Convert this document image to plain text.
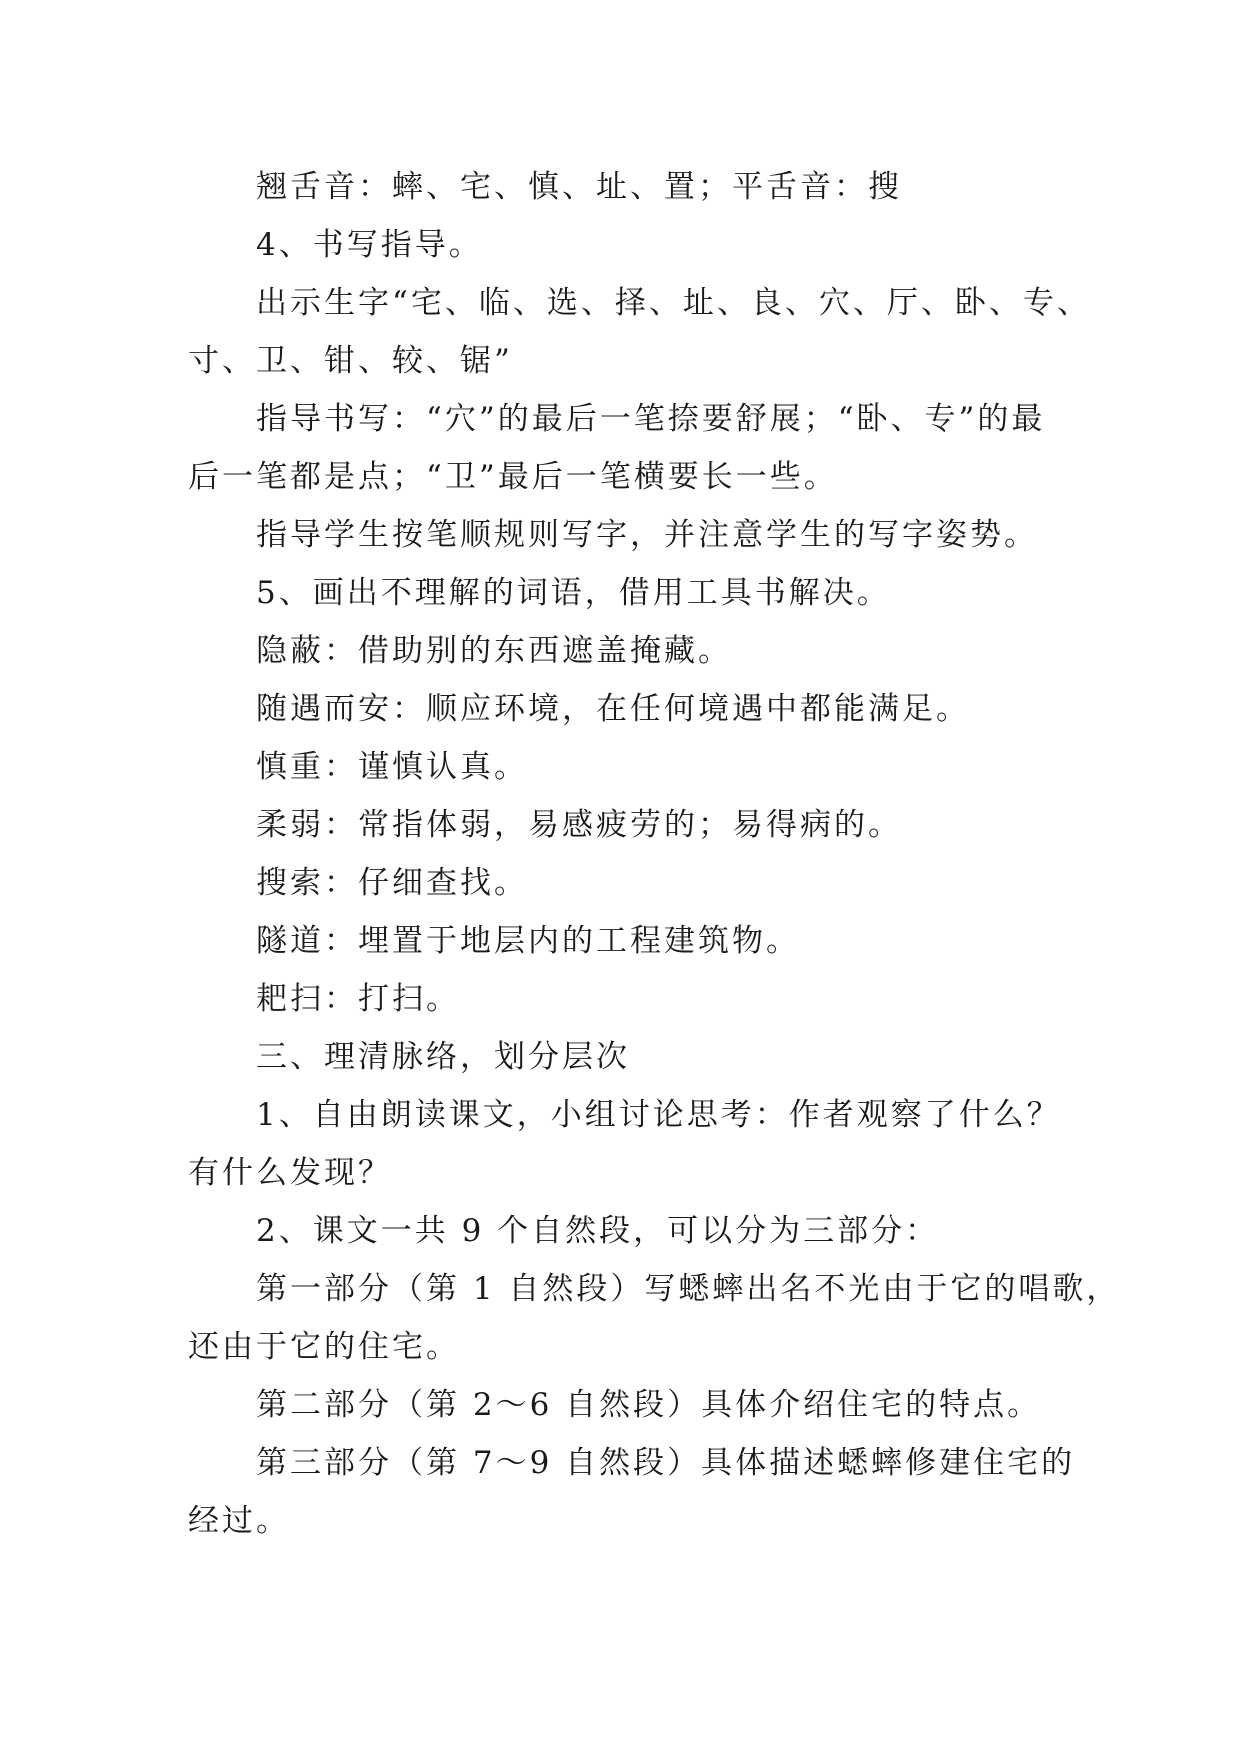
翘舌音：蟀、宅、慎、址、置；平舌音：搜
4、书写指导。
出示生字“宅、临、选、择、址、良、穴、厅、卧、专、
寸、卫、钳、较、锯”
指导书写：“穴”的最后一笔捺要舒展；“卧、专”的最
后一笔都是点；“卫”最后一笔横要长一些。
指导学生按笔顺规则写字，并注意学生的写字姿势。
5、画出不理解的词语，借用工具书解决。
隐蔽：借助别的东西遮盖掩藏。
随遇而安：顺应环境，在任何境遇中都能满足。
慎重：谨慎认真。
柔弱：常指体弱，易感疲劳的；易得病的。
搜索：仔细查找。
隧道：埋置于地层内的工程建筑物。
耙扫：打扫。
三、理清脉络，划分层次
1、自由朗读课文，小组讨论思考：作者观察了什么？
有什么发现？
2、课文一共 9 个自然段，可以分为三部分：
第一部分（第 1 自然段）写蟋蟀出名不光由于它的唱歌，
还由于它的住宅。
第二部分（第 2～6 自然段）具体介绍住宅的特点。
第三部分（第 7～9 自然段）具体描述蟋蟀修建住宅的
经过。
